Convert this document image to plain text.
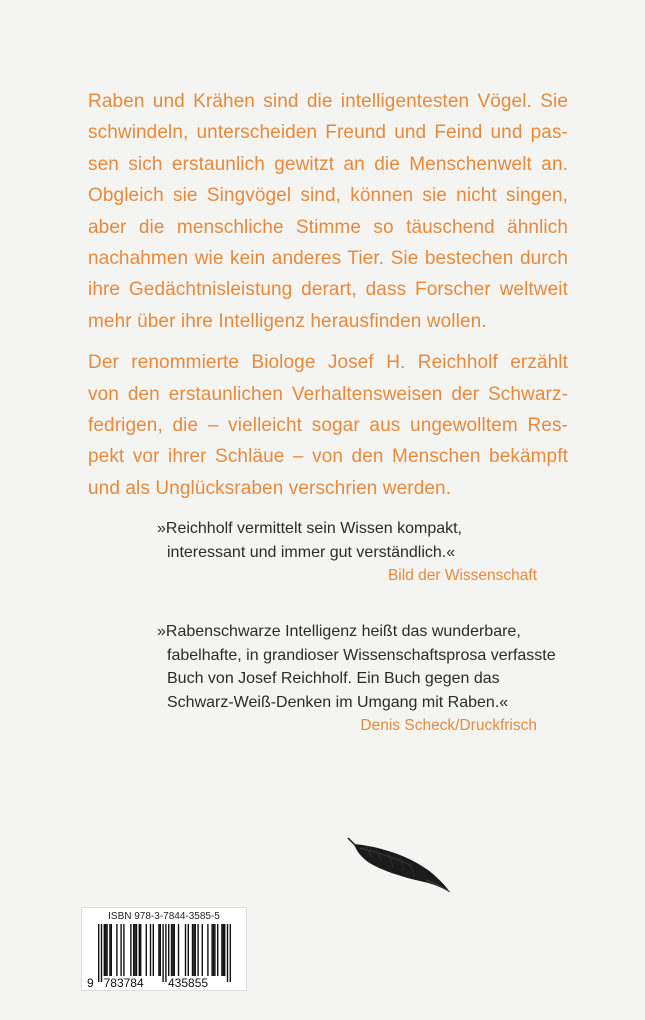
Raben und Krähen sind die intelligentesten Vögel. Sie
schwindeln, unterscheiden Freund und Feind und pas-
sen sich erstaunlich gewitzt an die Menschenwelt an.
Obgleich sie Singvögel sind, können sie nicht singen,
aber die menschliche Stimme so täuschend ähnlich
nachahmen wie kein anderes Tier. Sie bestechen durch
ihre Gedächtnisleistung derart, dass Forscher weltweit
mehr über ihre Intelligenz herausfinden wollen.

Der renommierte Biologe Josef H. Reichholf erzählt
von den erstaunlichen Verhaltensweisen der Schwarz-
fedrigen, die – vielleicht sogar aus ungewolltem Res-
pekt vor ihrer Schläue – von den Menschen bekämpft
und als Unglücksraben verschrien werden.

»Reichholf vermittelt sein Wissen kompakt,
interessant und immer gut verständlich.«
Bild der Wissenschaft
»Rabenschwarze Intelligenz heißt das wunderbare,
fabelhafte, in grandioser Wissenschaftsprosa verfasste
Buch von Josef Reichholf. Ein Buch gegen das
Schwarz-Weiß-Denken im Umgang mit Raben.«
Denis Scheck/Druckfrisch
ISBN 978-3-7844-3585-5
9 783784 435855
